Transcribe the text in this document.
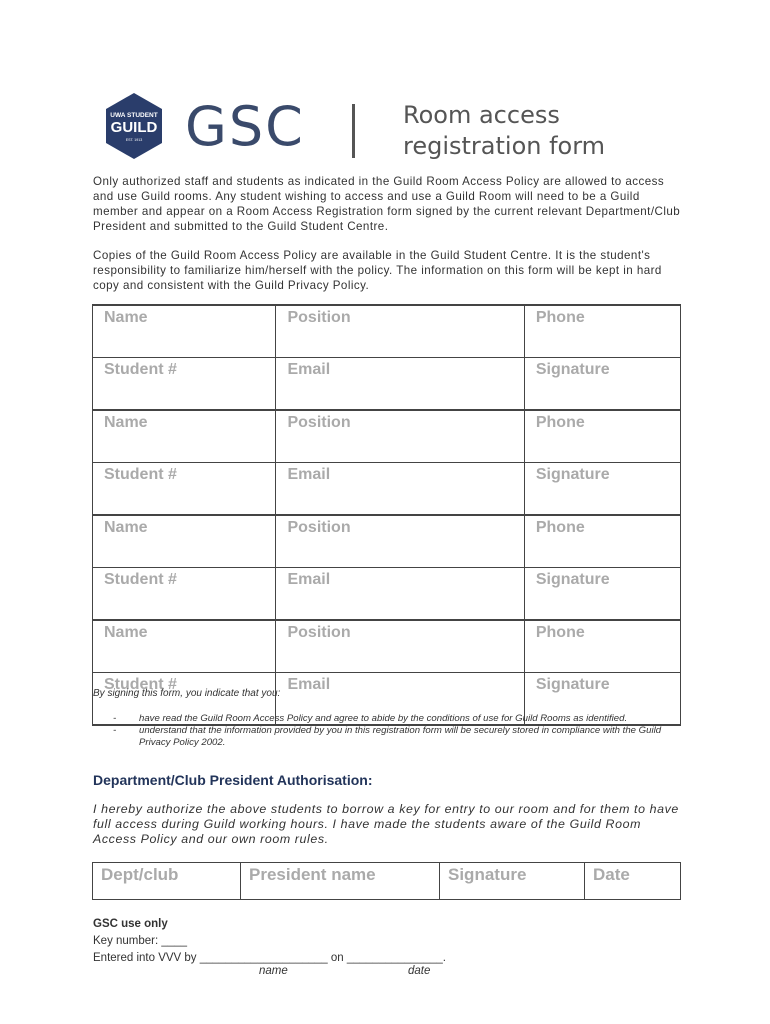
UWA STUDENT
GUILD
EST. 1913 GSC	Room access
registration form

Only authorized staff and students as indicated in the Guild Room Access Policy are allowed to access and use Guild rooms. Any student wishing to access and use a Guild Room will need to be a Guild member and appear on a Room Access Registration form signed by the current relevant Department/Club President and submitted to the Guild Student Centre.

Copies of the Guild Room Access Policy are available in the Guild Student Centre. It is the student's responsibility to familiarize him/herself with the policy. The information on this form will be kept in hard copy and consistent with the Guild Privacy Policy.

Name	Position	Phone
Student #	Email	Signature
Name	Position	Phone
Student #	Email	Signature
Name	Position	Phone
Student #	Email	Signature
Name	Position	Phone
Student #	Email	Signature
By signing this form, you indicate that you:
- have read the Guild Room Access Policy and agree to abide by the conditions of use for Guild Rooms as identified.
- understand that the information provided by you in this registration form will be securely stored in compliance with the Guild Privacy Policy 2002.
Department/Club President Authorisation:

I hereby authorize the above students to borrow a key for entry to our room and for them to have full access during Guild working hours. I have made the students aware of the Guild Room Access Policy and our own room rules.

Dept/club	President name	Signature	Date
GSC use only
Key number: ____
Entered into VVV by ____________________ on _______________.
name	date
